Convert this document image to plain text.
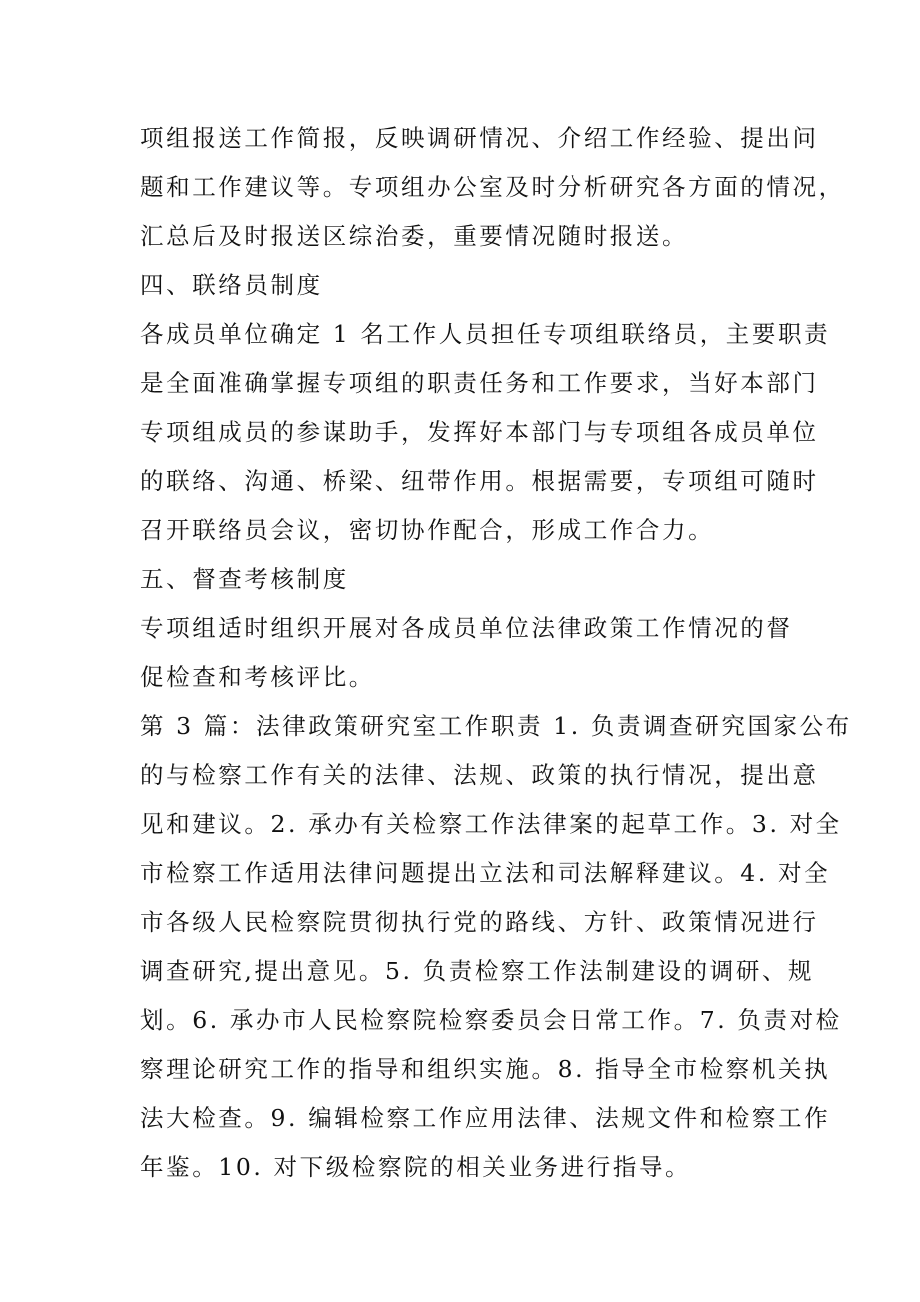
项组报送工作简报，反映调研情况、介绍工作经验、提出问
题和工作建议等。专项组办公室及时分析研究各方面的情况，
汇总后及时报送区综治委，重要情况随时报送。
四、联络员制度
各成员单位确定 1 名工作人员担任专项组联络员，主要职责
是全面准确掌握专项组的职责任务和工作要求，当好本部门
专项组成员的参谋助手，发挥好本部门与专项组各成员单位
的联络、沟通、桥梁、纽带作用。根据需要，专项组可随时
召开联络员会议，密切协作配合，形成工作合力。
五、督查考核制度
专项组适时组织开展对各成员单位法律政策工作情况的督
促检查和考核评比。
第 3 篇：法律政策研究室工作职责 1. 负责调查研究国家公布
的与检察工作有关的法律、法规、政策的执行情况，提出意
见和建议。2. 承办有关检察工作法律案的起草工作。3. 对全
市检察工作适用法律问题提出立法和司法解释建议。4. 对全
市各级人民检察院贯彻执行党的路线、方针、政策情况进行
调查研究,提出意见。5. 负责检察工作法制建设的调研、规
划。6. 承办市人民检察院检察委员会日常工作。7. 负责对检
察理论研究工作的指导和组织实施。8. 指导全市检察机关执
法大检查。9. 编辑检察工作应用法律、法规文件和检察工作
年鉴。10. 对下级检察院的相关业务进行指导。
